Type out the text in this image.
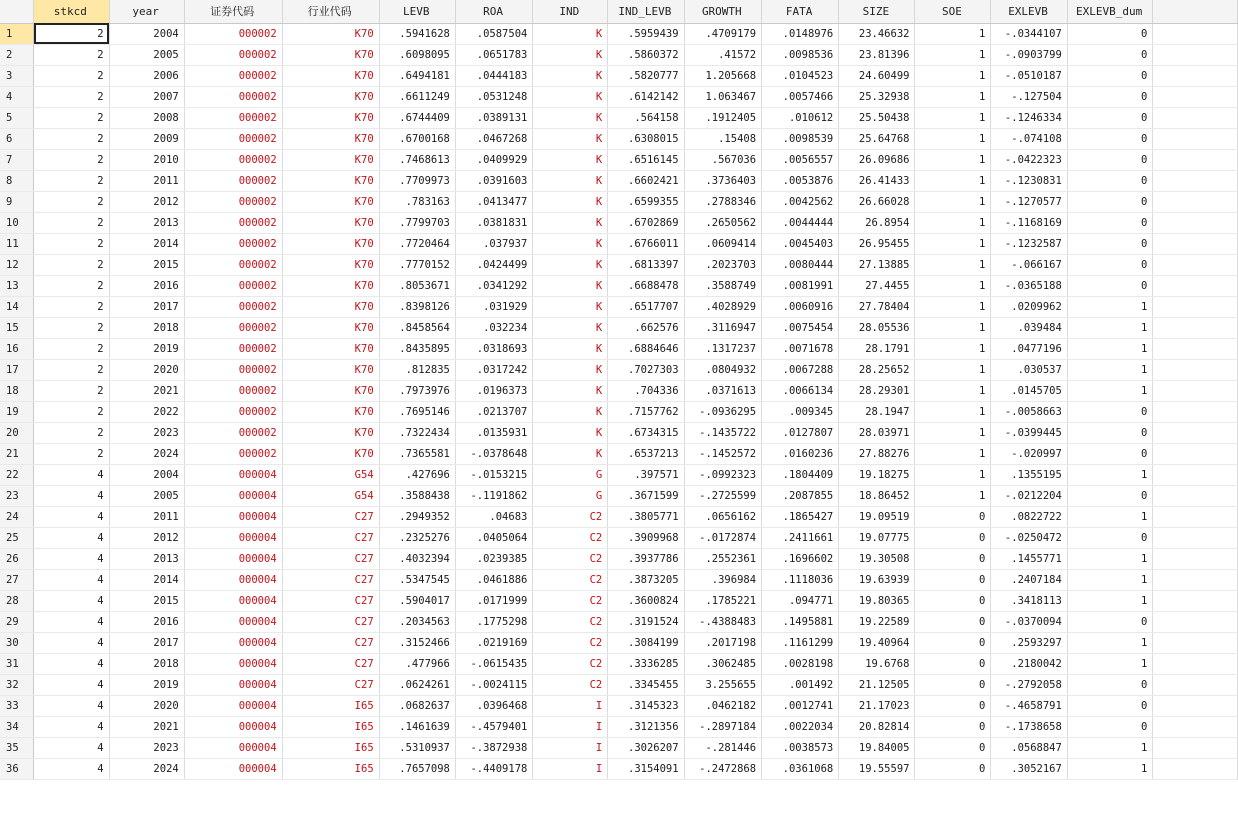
	stkcd	year	证券代码	行业代码	LEVB	ROA	IND	IND_LEVB	GROWTH	FATA	SIZE	SOE	EXLEVB	EXLEVB_dum	
1	2	2004	000002	K70	.5941628	.0587504	K	.5959439	.4709179	.0148976	23.46632	1	-.0344107	0	
2	2	2005	000002	K70	.6098095	.0651783	K	.5860372	.41572	.0098536	23.81396	1	-.0903799	0	
3	2	2006	000002	K70	.6494181	.0444183	K	.5820777	1.205668	.0104523	24.60499	1	-.0510187	0	
4	2	2007	000002	K70	.6611249	.0531248	K	.6142142	1.063467	.0057466	25.32938	1	-.127504	0	
5	2	2008	000002	K70	.6744409	.0389131	K	.564158	.1912405	.010612	25.50438	1	-.1246334	0	
6	2	2009	000002	K70	.6700168	.0467268	K	.6308015	.15408	.0098539	25.64768	1	-.074108	0	
7	2	2010	000002	K70	.7468613	.0409929	K	.6516145	.567036	.0056557	26.09686	1	-.0422323	0	
8	2	2011	000002	K70	.7709973	.0391603	K	.6602421	.3736403	.0053876	26.41433	1	-.1230831	0	
9	2	2012	000002	K70	.783163	.0413477	K	.6599355	.2788346	.0042562	26.66028	1	-.1270577	0	
10	2	2013	000002	K70	.7799703	.0381831	K	.6702869	.2650562	.0044444	26.8954	1	-.1168169	0	
11	2	2014	000002	K70	.7720464	.037937	K	.6766011	.0609414	.0045403	26.95455	1	-.1232587	0	
12	2	2015	000002	K70	.7770152	.0424499	K	.6813397	.2023703	.0080444	27.13885	1	-.066167	0	
13	2	2016	000002	K70	.8053671	.0341292	K	.6688478	.3588749	.0081991	27.4455	1	-.0365188	0	
14	2	2017	000002	K70	.8398126	.031929	K	.6517707	.4028929	.0060916	27.78404	1	.0209962	1	
15	2	2018	000002	K70	.8458564	.032234	K	.662576	.3116947	.0075454	28.05536	1	.039484	1	
16	2	2019	000002	K70	.8435895	.0318693	K	.6884646	.1317237	.0071678	28.1791	1	.0477196	1	
17	2	2020	000002	K70	.812835	.0317242	K	.7027303	.0804932	.0067288	28.25652	1	.030537	1	
18	2	2021	000002	K70	.7973976	.0196373	K	.704336	.0371613	.0066134	28.29301	1	.0145705	1	
19	2	2022	000002	K70	.7695146	.0213707	K	.7157762	-.0936295	.009345	28.1947	1	-.0058663	0	
20	2	2023	000002	K70	.7322434	.0135931	K	.6734315	-.1435722	.0127807	28.03971	1	-.0399445	0	
21	2	2024	000002	K70	.7365581	-.0378648	K	.6537213	-.1452572	.0160236	27.88276	1	-.020997	0	
22	4	2004	000004	G54	.427696	-.0153215	G	.397571	-.0992323	.1804409	19.18275	1	.1355195	1	
23	4	2005	000004	G54	.3588438	-.1191862	G	.3671599	-.2725599	.2087855	18.86452	1	-.0212204	0	
24	4	2011	000004	C27	.2949352	.04683	C2	.3805771	.0656162	.1865427	19.09519	0	.0822722	1	
25	4	2012	000004	C27	.2325276	.0405064	C2	.3909968	-.0172874	.2411661	19.07775	0	-.0250472	0	
26	4	2013	000004	C27	.4032394	.0239385	C2	.3937786	.2552361	.1696602	19.30508	0	.1455771	1	
27	4	2014	000004	C27	.5347545	.0461886	C2	.3873205	.396984	.1118036	19.63939	0	.2407184	1	
28	4	2015	000004	C27	.5904017	.0171999	C2	.3600824	.1785221	.094771	19.80365	0	.3418113	1	
29	4	2016	000004	C27	.2034563	.1775298	C2	.3191524	-.4388483	.1495881	19.22589	0	-.0370094	0	
30	4	2017	000004	C27	.3152466	.0219169	C2	.3084199	.2017198	.1161299	19.40964	0	.2593297	1	
31	4	2018	000004	C27	.477966	-.0615435	C2	.3336285	.3062485	.0028198	19.6768	0	.2180042	1	
32	4	2019	000004	C27	.0624261	-.0024115	C2	.3345455	3.255655	.001492	21.12505	0	-.2792058	0	
33	4	2020	000004	I65	.0682637	.0396468	I	.3145323	.0462182	.0012741	21.17023	0	-.4658791	0	
34	4	2021	000004	I65	.1461639	-.4579401	I	.3121356	-.2897184	.0022034	20.82814	0	-.1738658	0	
35	4	2023	000004	I65	.5310937	-.3872938	I	.3026207	-.281446	.0038573	19.84005	0	.0568847	1	
36	4	2024	000004	I65	.7657098	-.4409178	I	.3154091	-.2472868	.0361068	19.55597	0	.3052167	1	
